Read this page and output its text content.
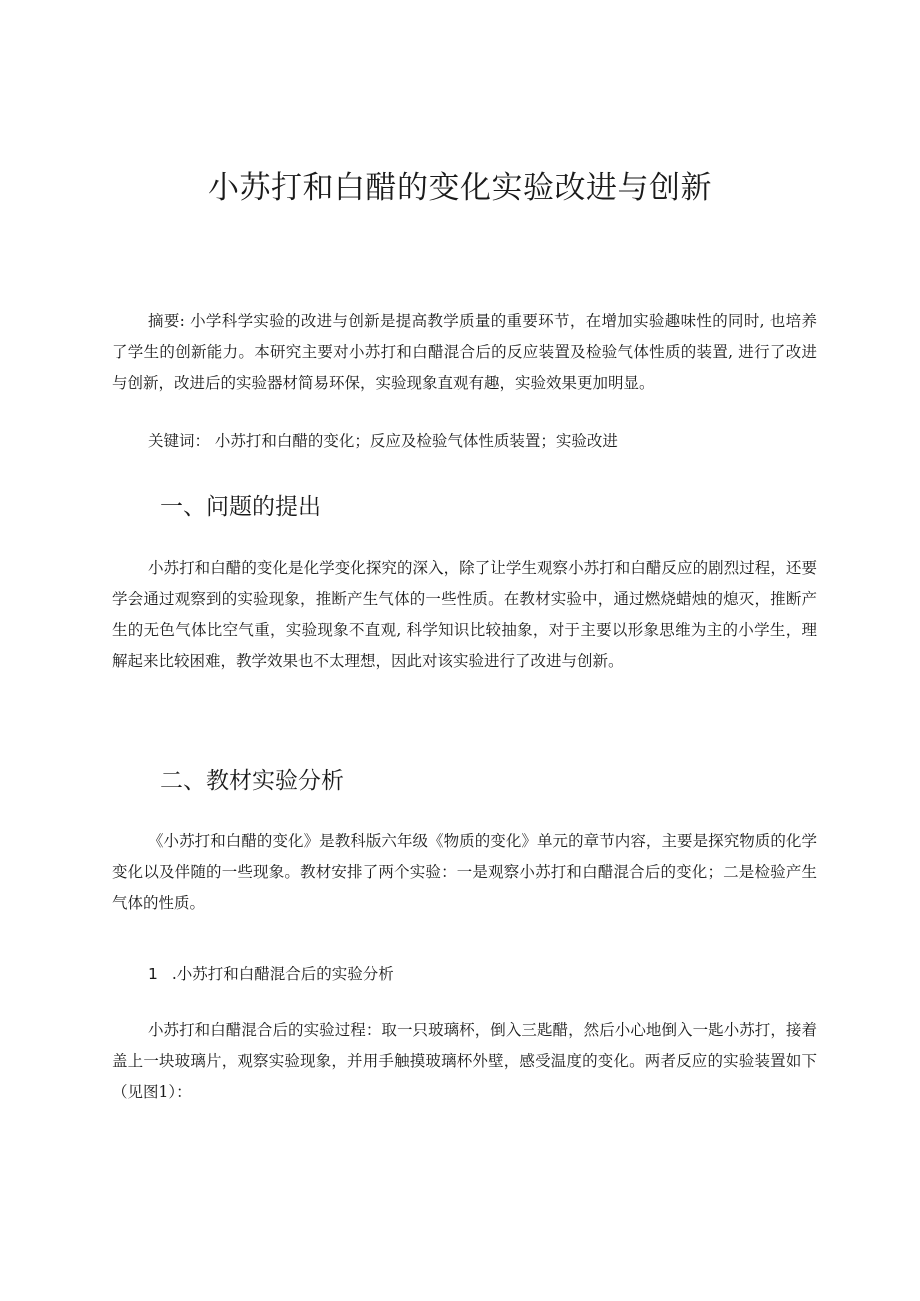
小苏打和白醋的变化实验改进与创新

摘要: 小学科学实验的改进与创新是提高教学质量的重要环节，在增加实验趣味性的同时, 也培养了学生的创新能力。本研究主要对小苏打和白醋混合后的反应装置及检验气体性质的装置, 进行了改进与创新，改进后的实验器材简易环保，实验现象直观有趣，实验效果更加明显。

关键词： 小苏打和白醋的变化；反应及检验气体性质装置；实验改进

一、问题的提出

小苏打和白醋的变化是化学变化探究的深入，除了让学生观察小苏打和白醋反应的剧烈过程，还要学会通过观察到的实验现象，推断产生气体的一些性质。在教材实验中，通过燃烧蜡烛的熄灭，推断产生的无色气体比空气重，实验现象不直观, 科学知识比较抽象，对于主要以形象思维为主的小学生，理解起来比较困难，教学效果也不太理想，因此对该实验进行了改进与创新。

二、教材实验分析

《小苏打和白醋的变化》是教科版六年级《物质的变化》单元的章节内容，主要是探究物质的化学变化以及伴随的一些现象。教材安排了两个实验：一是观察小苏打和白醋混合后的变化；二是检验产生气体的性质。

1 .小苏打和白醋混合后的实验分析

小苏打和白醋混合后的实验过程：取一只玻璃杯，倒入三匙醋，然后小心地倒入一匙小苏打，接着盖上一块玻璃片，观察实验现象，并用手触摸玻璃杯外壁，感受温度的变化。两者反应的实验装置如下（见图1）：
